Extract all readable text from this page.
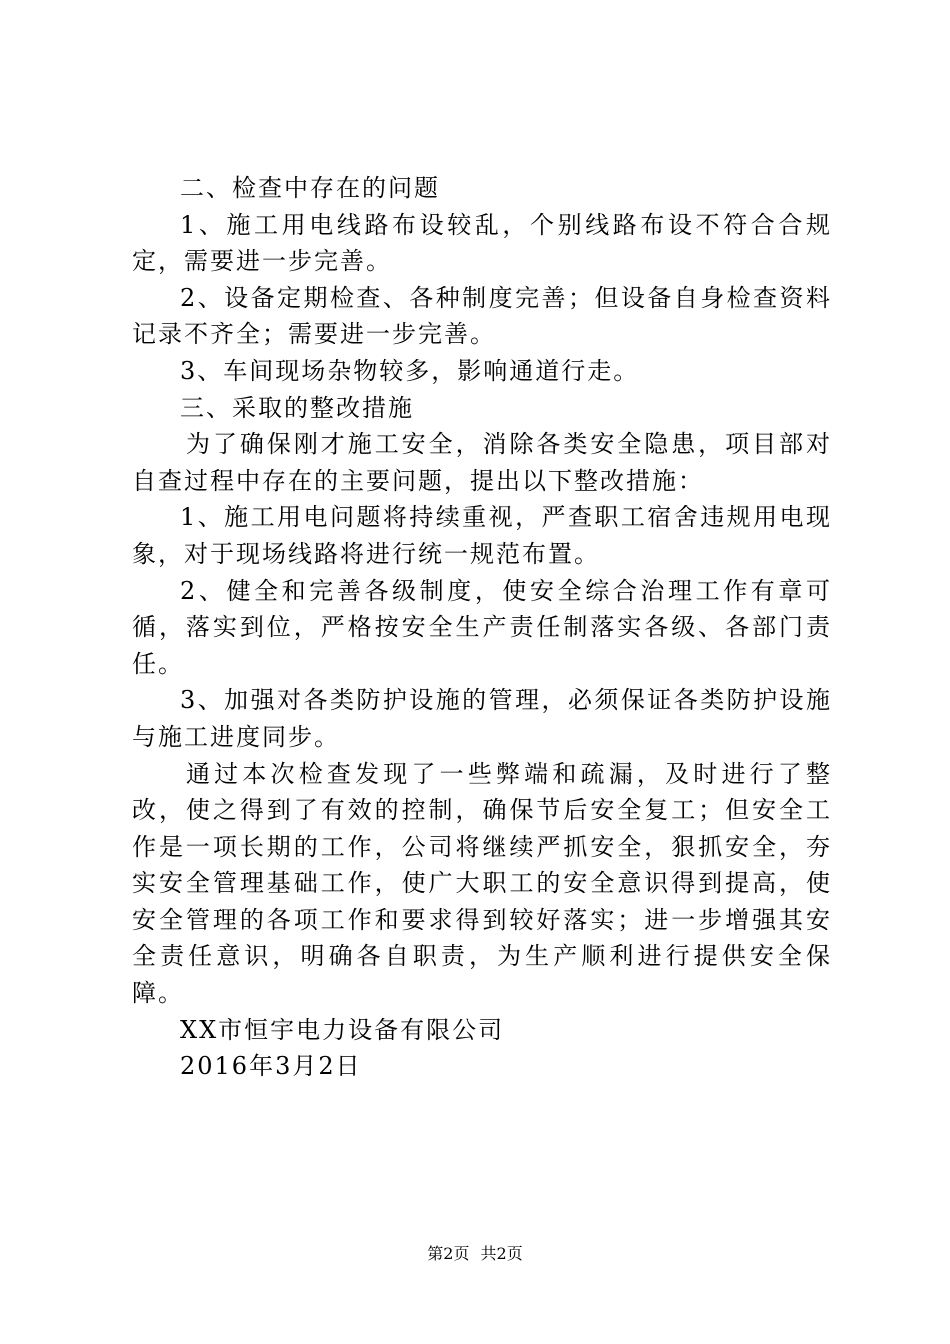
二、检查中存在的问题

1、施工用电线路布设较乱，个别线路布设不符合合规定，需要进一步完善。

2、设备定期检查、各种制度完善；但设备自身检查资料记录不齐全；需要进一步完善。

3、车间现场杂物较多，影响通道行走。

三、采取的整改措施

为了确保刚才施工安全，消除各类安全隐患，项目部对自查过程中存在的主要问题，提出以下整改措施：

1、施工用电问题将持续重视，严查职工宿舍违规用电现象，对于现场线路将进行统一规范布置。

2、健全和完善各级制度，使安全综合治理工作有章可循，落实到位，严格按安全生产责任制落实各级、各部门责任。

3、加强对各类防护设施的管理，必须保证各类防护设施与施工进度同步。

通过本次检查发现了一些弊端和疏漏，及时进行了整改，使之得到了有效的控制，确保节后安全复工；但安全工作是一项长期的工作，公司将继续严抓安全，狠抓安全，夯实安全管理基础工作，使广大职工的安全意识得到提高，使安全管理的各项工作和要求得到较好落实；进一步增强其安全责任意识，明确各自职责，为生产顺利进行提供安全保障。

XX市恒宇电力设备有限公司

2016年3月2日

第2页 共2页
